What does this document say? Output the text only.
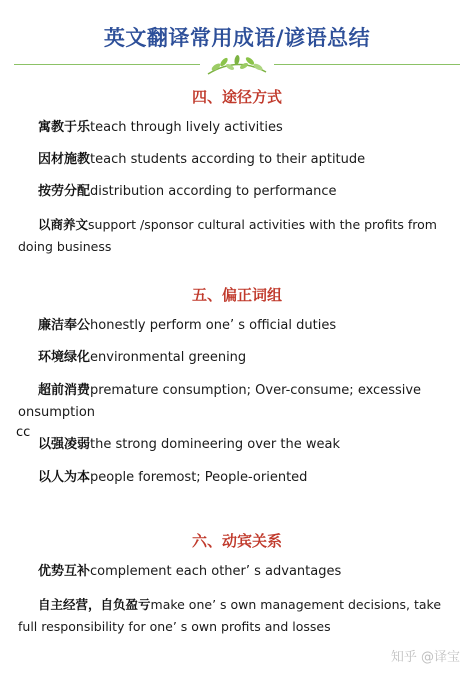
英文翻译常用成语/谚语总结
四、途径方式
寓教于乐teach through lively activities
因材施教teach students according to their aptitude
按劳分配distribution according to performance
以商养文support /sponsor cultural activities with the profits from
doing business
五、偏正词组
廉洁奉公honestly perform one’ s official duties
环境绿化environmental greening
超前消费premature consumption; Over-consume; excessive
onsumption
cc
以强凌弱the strong domineering over the weak
以人为本people foremost; People-oriented
六、动宾关系
优势互补complement each other’ s advantages
自主经营，自负盈亏make one’ s own management decisions, take
full responsibility for one’ s own profits and losses
知乎 @译宝
